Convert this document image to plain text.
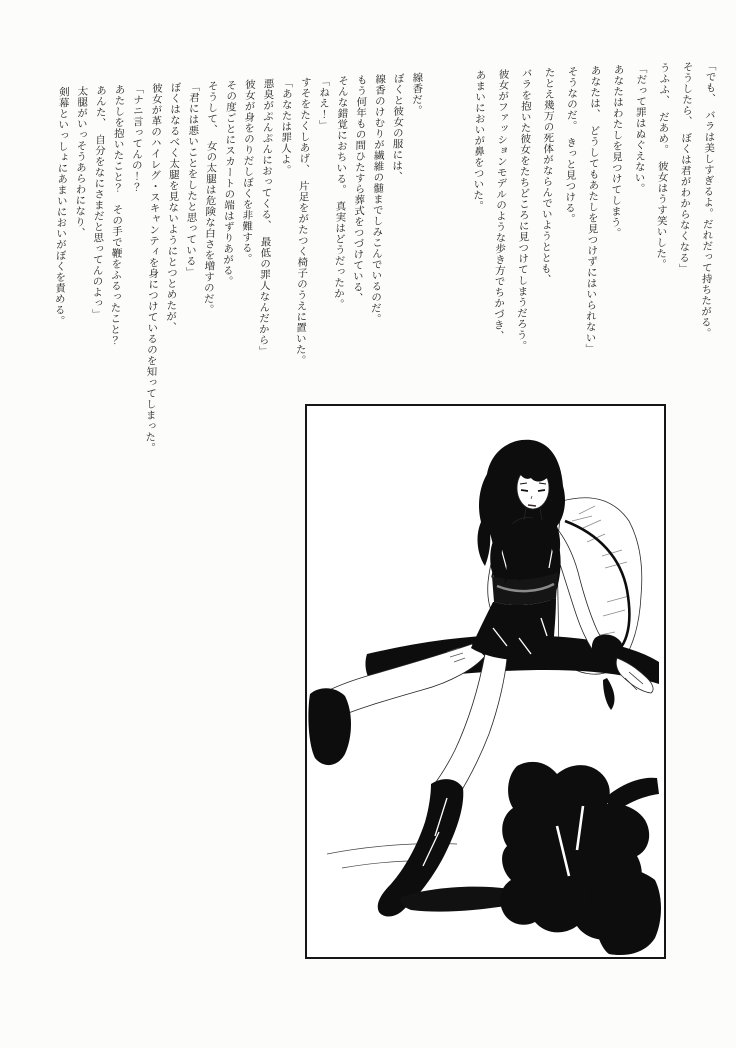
「でも、　バラは美しすぎるよ。だれだって持ちたがる。

そうしたら、　ぼくは君がわからなくなる」

うふふ、　だあめ。　彼女はうす笑いした。

「だって罪はぬぐえない。

あなたはわたしを見つけてしまう。

あなたは、　どうしてもあたしを見つけずにはいられない」

そうなのだ。　きっと見つける。

たとえ幾万の死体がならんでいようととも、

バラを抱いた彼女をたちどころに見つけてしまうだろう。

彼女がファッションモデルのような歩き方でちかづき、

あまいにおいが鼻をついた。

線香だ。

ぼくと彼女の服には、

線香のけむりが繊維の髄までしみこんでいるのだ。

もう何年もの間ひたすら葬式をつづけている、

そんな錯覚におちいる。　真実はどうだったか。

「ねえ！」

すそをたくしあげ、　片足をがたつく椅子のうえに置いた。

「あなたは罪人よ。

悪臭がぷんぷんにおってくる、　最低の罪人なんだから」

彼女が身をのりだしぼくを非難する。

その度ごとにスカートの端はずりあがる。

そうして、　女の太腿は危険な白さを増すのだ。

「君には悪いことをしたと思っている」

ぼくはなるべく太腿を見ないようにとつとめたが、

彼女が革のハイレグ・スキャンティを身につけているのを知ってしまった。

「ナニ言ってんの！？

あたしを抱いたこと？　その手で鞭をふるったこと？

あんた、　自分をなにさまだと思ってんのよっ」

太腿がいっそうあらわになり、

剣幕といっしょにあまいにおいがぼくを責める。
